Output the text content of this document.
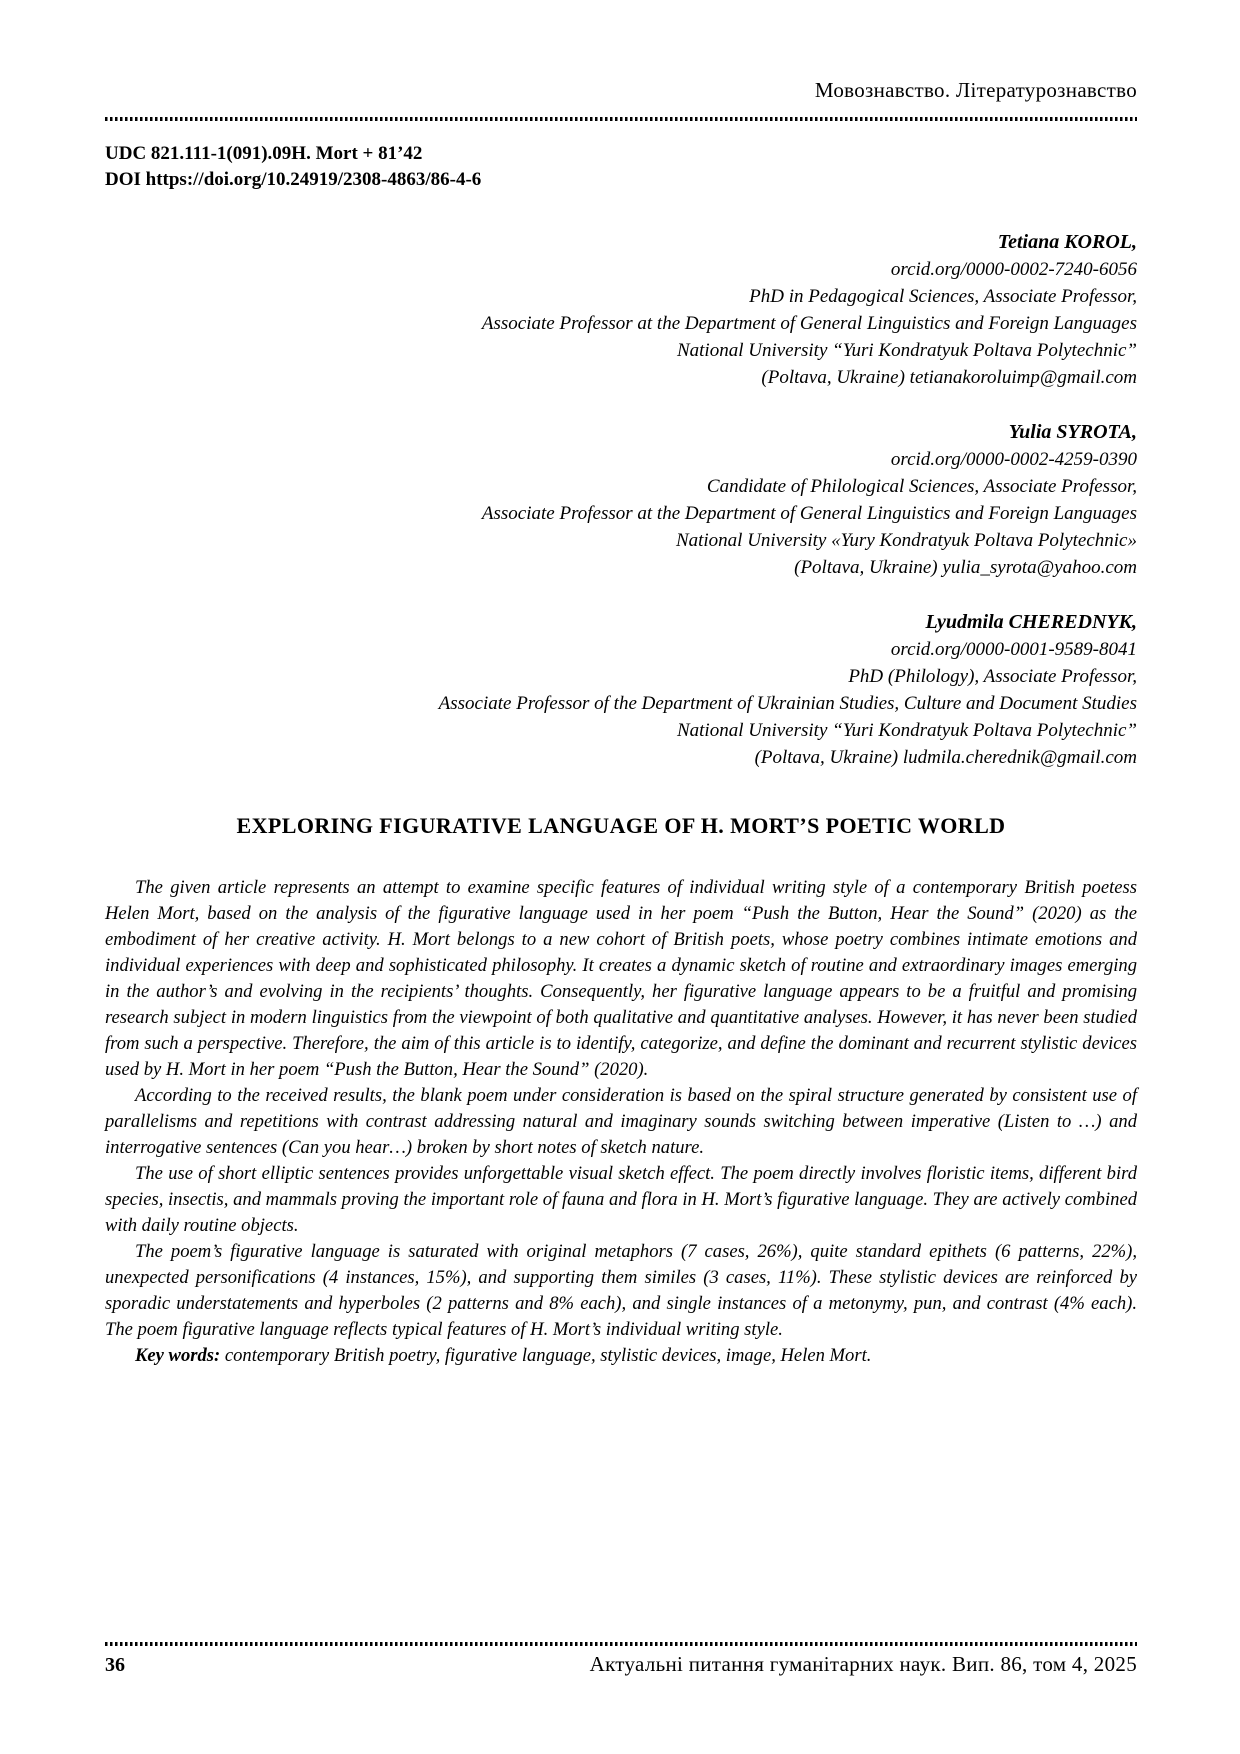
Мовознавство. Літературознавство
UDC 821.111-1(091).09H. Mort + 81’42
DOI https://doi.org/10.24919/2308-4863/86-4-6
Tetiana KOROL,
orcid.org/0000-0002-7240-6056
PhD in Pedagogical Sciences, Associate Professor,
Associate Professor at the Department of General Linguistics and Foreign Languages
National University “Yuri Kondratyuk Poltava Polytechnic”
(Poltava, Ukraine) tetianakoroluimp@gmail.com
Yulia SYROTA,
orcid.org/0000-0002-4259-0390
Candidate of Philological Sciences, Associate Professor,
Associate Professor at the Department of General Linguistics and Foreign Languages
National University «Yury Kondratyuk Poltava Polytechnic»
(Poltava, Ukraine) yulia_syrota@yahoo.com
Lyudmila CHEREDNYK,
orcid.org/0000-0001-9589-8041
PhD (Philology), Associate Professor,
Associate Professor of the Department of Ukrainian Studies, Culture and Document Studies
National University “Yuri Kondratyuk Poltava Polytechnic”
(Poltava, Ukraine) ludmila.cherednik@gmail.com
EXPLORING FIGURATIVE LANGUAGE OF H. MORT’S POETIC WORLD

The given article represents an attempt to examine specific features of individual writing style of a contemporary British poetess Helen Mort, based on the analysis of the figurative language used in her poem “Push the Button, Hear the Sound” (2020) as the embodiment of her creative activity. H. Mort belongs to a new cohort of British poets, whose poetry combines intimate emotions and individual experiences with deep and sophisticated philosophy. It creates a dynamic sketch of routine and extraordinary images emerging in the author’s and evolving in the recipients’ thoughts. Consequently, her figurative language appears to be a fruitful and promising research subject in modern linguistics from the viewpoint of both qualitative and quantitative analyses. However, it has never been studied from such a perspective. Therefore, the aim of this article is to identify, categorize, and define the dominant and recurrent stylistic devices used by H. Mort in her poem “Push the Button, Hear the Sound” (2020).

According to the received results, the blank poem under consideration is based on the spiral structure generated by consistent use of parallelisms and repetitions with contrast addressing natural and imaginary sounds switching between imperative (Listen to …) and interrogative sentences (Can you hear…) broken by short notes of sketch nature.

The use of short elliptic sentences provides unforgettable visual sketch effect. The poem directly involves floristic items, different bird species, insectis, and mammals proving the important role of fauna and flora in H. Mort’s figurative language. They are actively combined with daily routine objects.

The poem’s figurative language is saturated with original metaphors (7 cases, 26%), quite standard epithets (6 patterns, 22%), unexpected personifications (4 instances, 15%), and supporting them similes (3 cases, 11%). These stylistic devices are reinforced by sporadic understatements and hyperboles (2 patterns and 8% each), and single instances of a metonymy, pun, and contrast (4% each). The poem figurative language reflects typical features of H. Mort’s individual writing style.

Key words: contemporary British poetry, figurative language, stylistic devices, image, Helen Mort.

36	Актуальні питання гуманітарних наук. Вип. 86, том 4, 2025
